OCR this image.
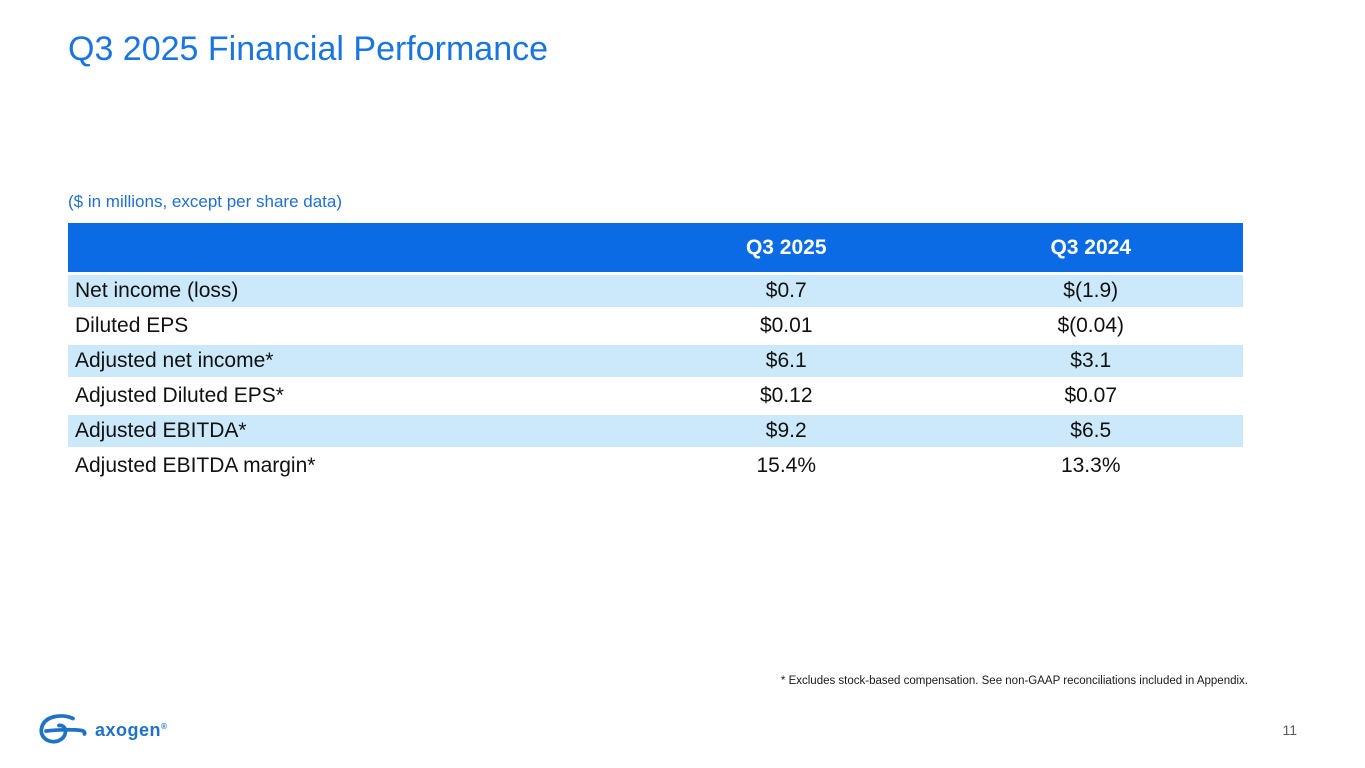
Q3 2025 Financial Performance
($ in millions, except per share data)
	Q3 2025	Q3 2024
Net income (loss)	$0.7	$(1.9)
Diluted EPS	$0.01	$(0.04)
Adjusted net income*	$6.1	$3.1
Adjusted Diluted EPS*	$0.12	$0.07
Adjusted EBITDA*	$9.2	$6.5
Adjusted EBITDA margin*	15.4%	13.3%
* Excludes stock-based compensation. See non-GAAP reconciliations included in Appendix.
axogen®	11
